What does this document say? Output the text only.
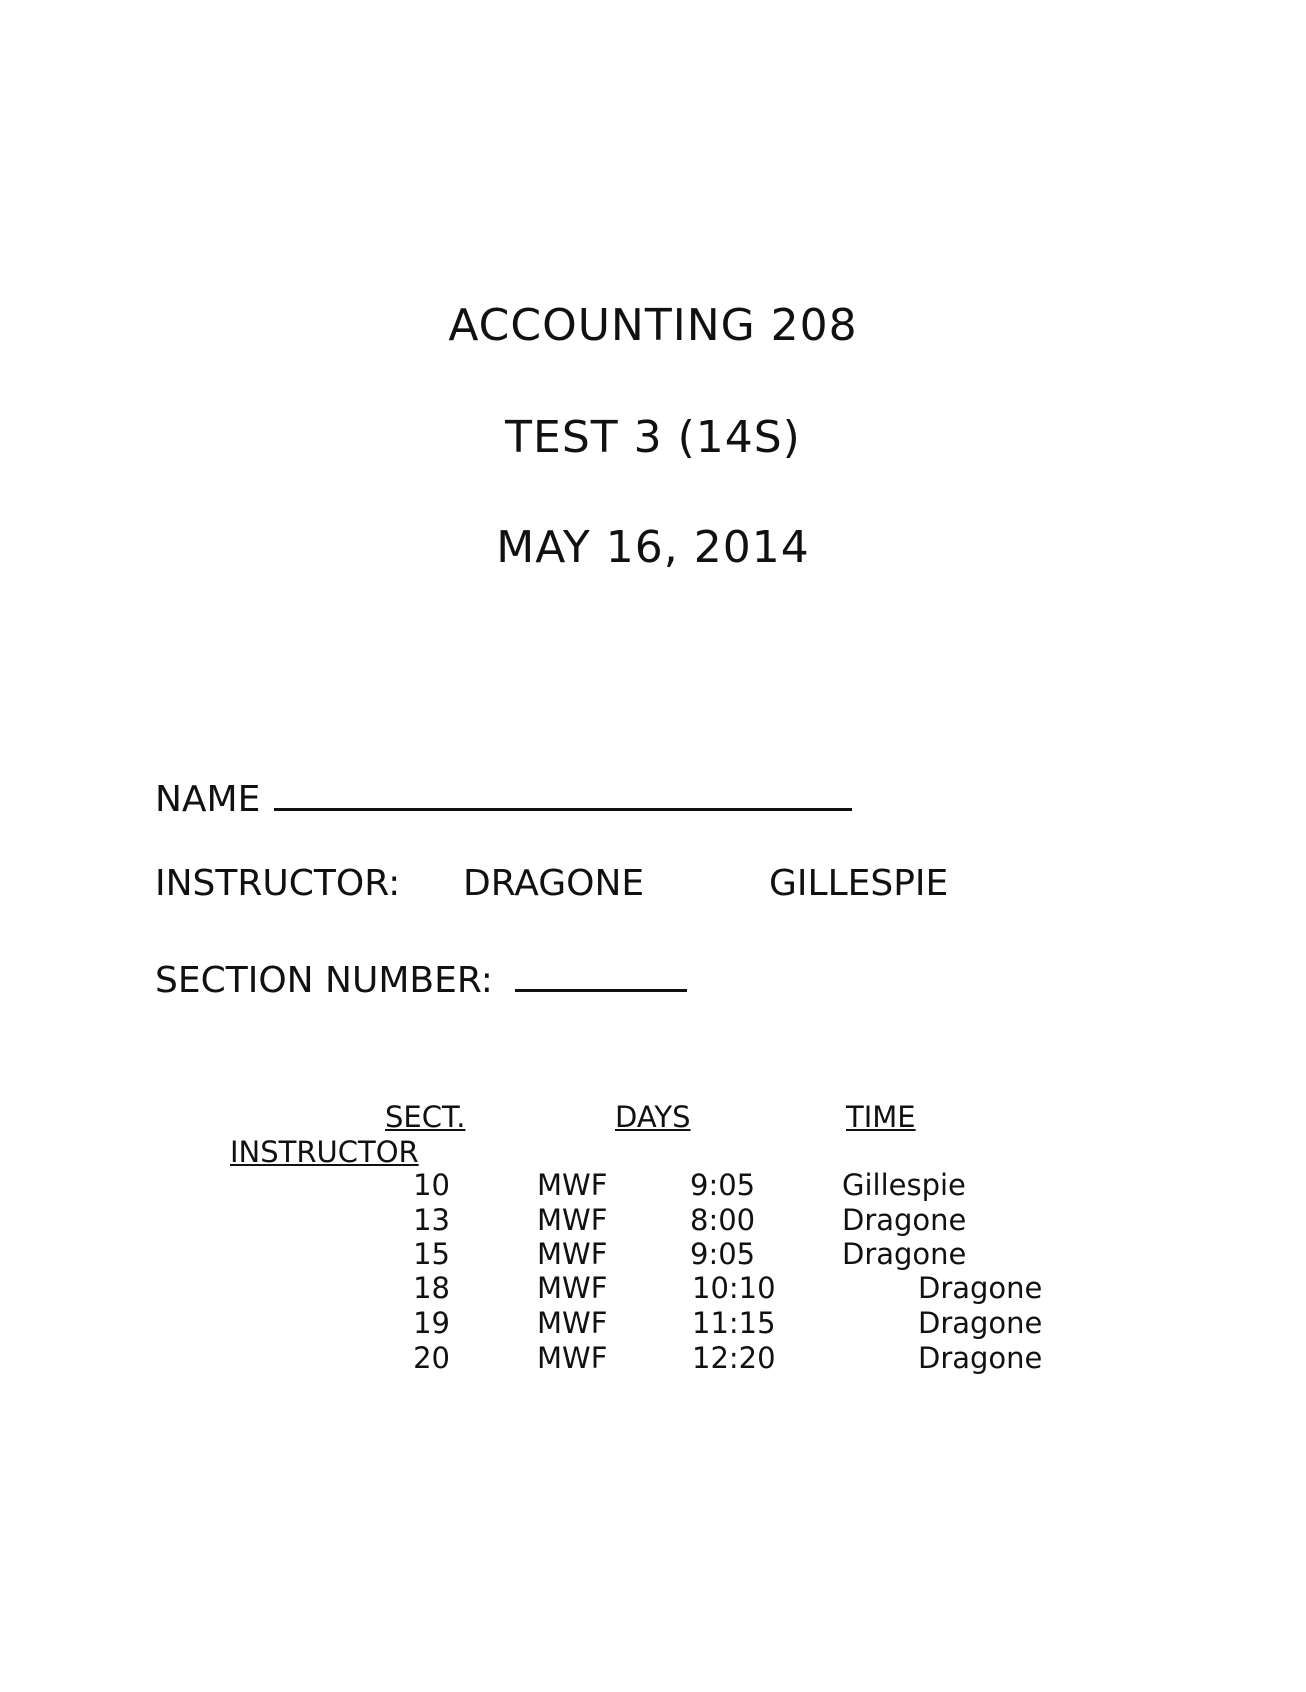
ACCOUNTING 208
TEST 3 (14S)
MAY 16, 2014
NAME
INSTRUCTOR: DRAGONE	GILLESPIE
SECTION NUMBER:
SECT.	DAYS	TIME
INSTRUCTOR
10	MWF	9:05	Gillespie
13	MWF	8:00	Dragone
15	MWF	9:05	Dragone
18	MWF	10:10	Dragone
19	MWF	11:15	Dragone
20	MWF	12:20	Dragone
